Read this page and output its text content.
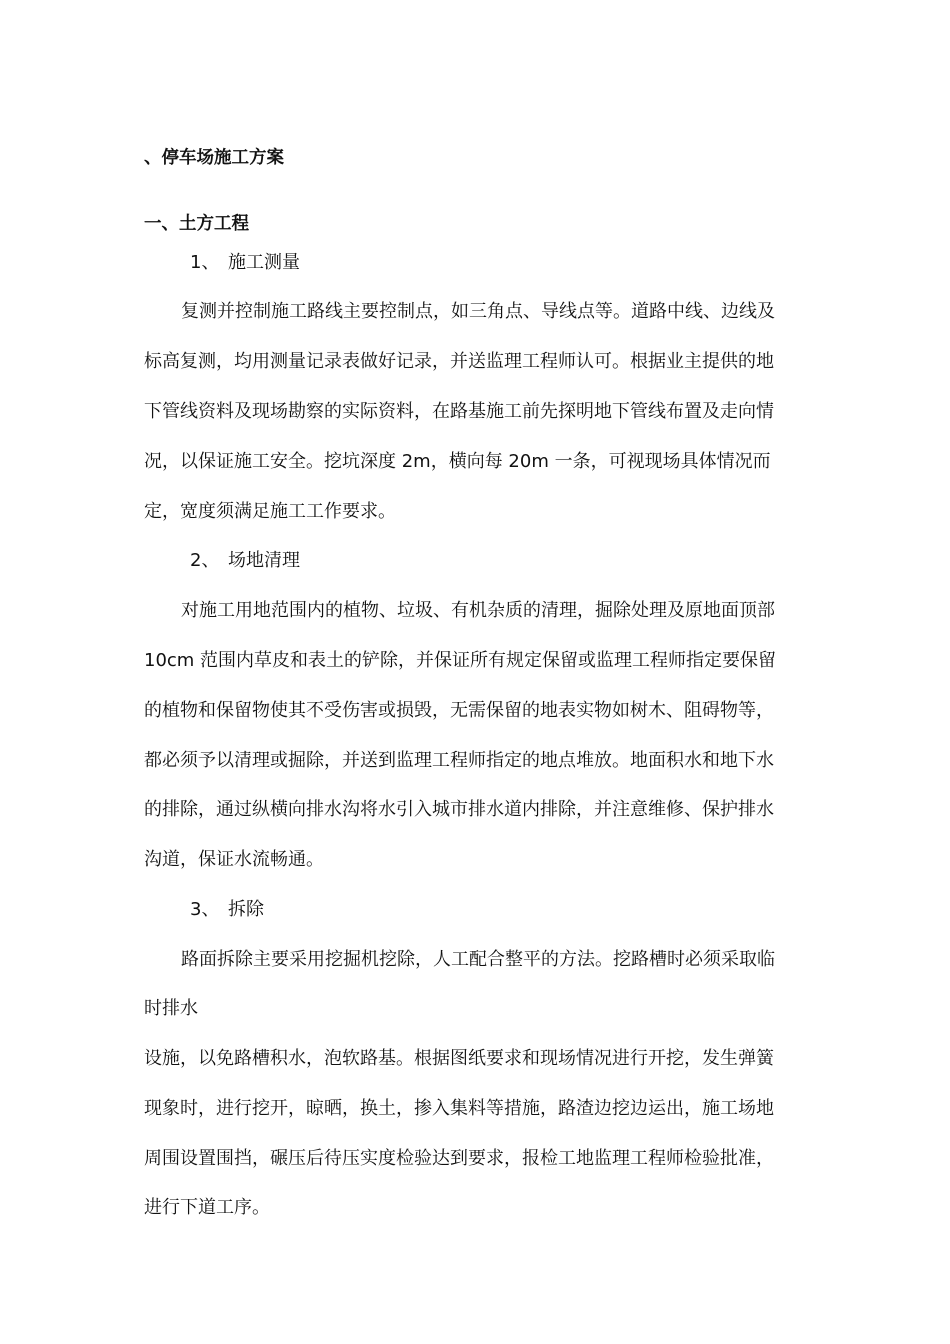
、停车场施工方案
一、土方工程
1、 施工测量
复测并控制施工路线主要控制点，如三角点、导线点等。道路中线、边线及
标高复测，均用测量记录表做好记录，并送监理工程师认可。根据业主提供的地
下管线资料及现场勘察的实际资料，在路基施工前先探明地下管线布置及走向情
况，以保证施工安全。挖坑深度 2m，横向每 20m 一条，可视现场具体情况而
定，宽度须满足施工工作要求。
2、 场地清理
对施工用地范围内的植物、垃圾、有机杂质的清理，掘除处理及原地面顶部
10cm 范围内草皮和表土的铲除，并保证所有规定保留或监理工程师指定要保留
的植物和保留物使其不受伤害或损毁，无需保留的地表实物如树木、阻碍物等，
都必须予以清理或掘除，并送到监理工程师指定的地点堆放。地面积水和地下水
的排除，通过纵横向排水沟将水引入城市排水道内排除，并注意维修、保护排水
沟道，保证水流畅通。
3、 拆除
路面拆除主要采用挖掘机挖除，人工配合整平的方法。挖路槽时必须采取临
时排水
设施，以免路槽积水，泡软路基。根据图纸要求和现场情况进行开挖，发生弹簧
现象时，进行挖开，晾晒，换土，掺入集料等措施，路渣边挖边运出，施工场地
周围设置围挡，碾压后待压实度检验达到要求，报检工地监理工程师检验批准，
进行下道工序。
